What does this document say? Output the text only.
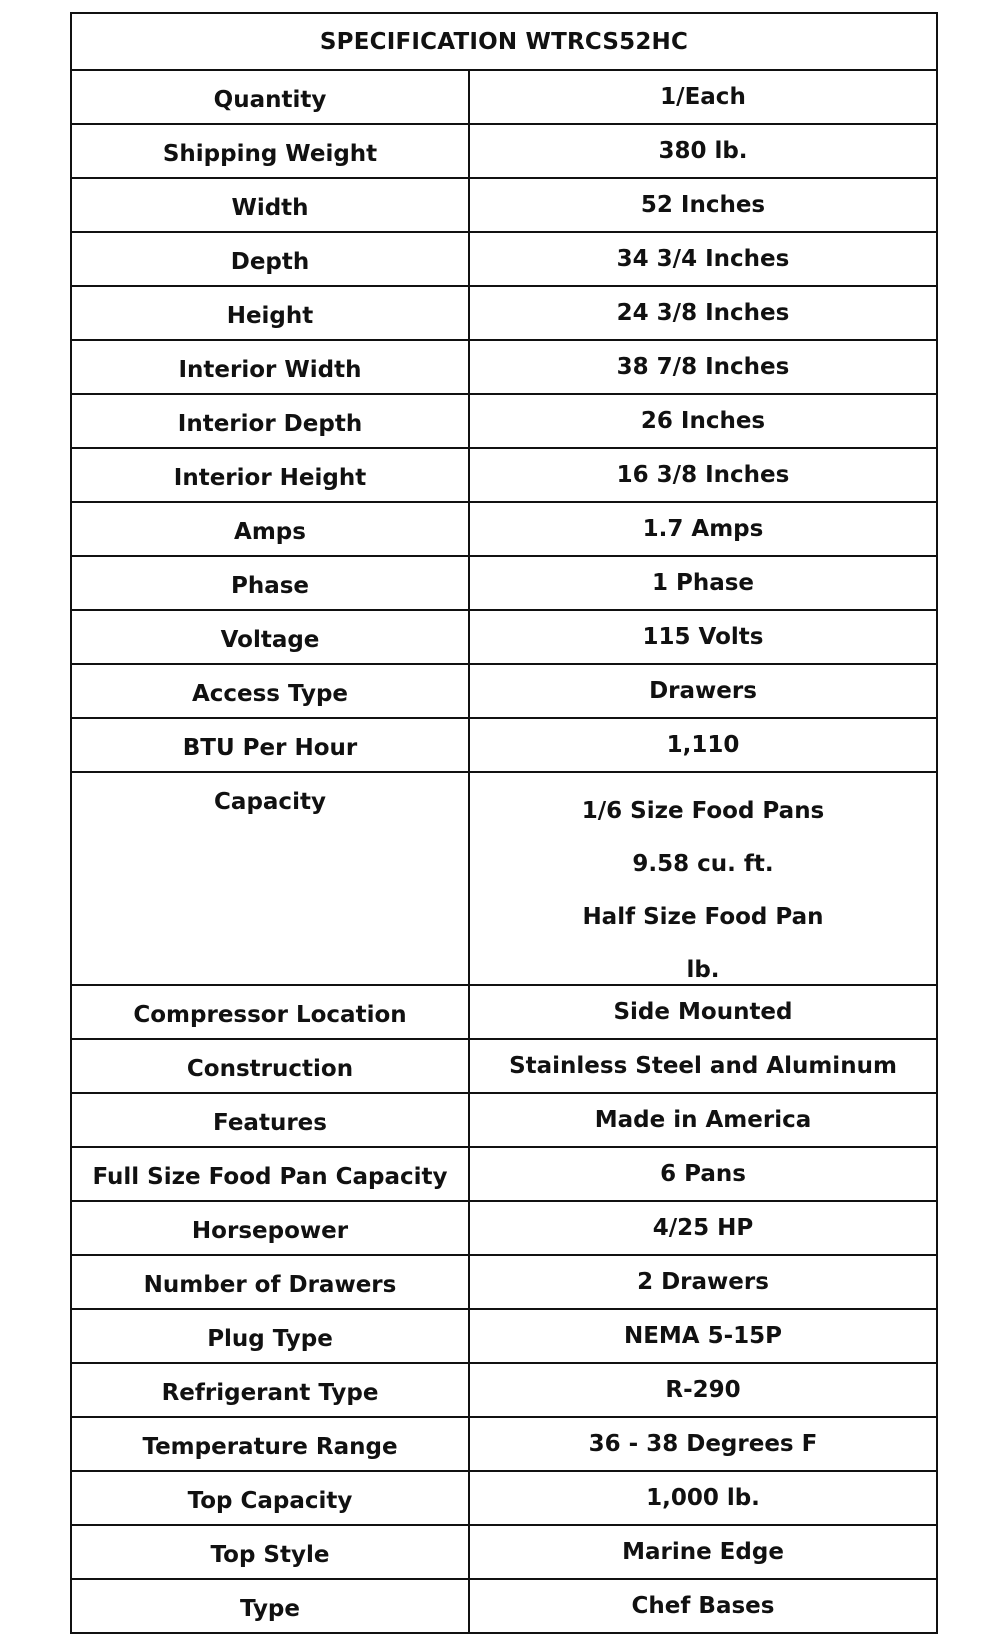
SPECIFICATION WTRCS52HC
Quantity	1/Each
Shipping Weight	380 lb.
Width	52 Inches
Depth	34 3/4 Inches
Height	24 3/8 Inches
Interior Width	38 7/8 Inches
Interior Depth	26 Inches
Interior Height	16 3/8 Inches
Amps	1.7 Amps
Phase	1 Phase
Voltage	115 Volts
Access Type	Drawers
BTU Per Hour	1,110
Capacity	1/6 Size Food Pans
9.58 cu. ft.
Half Size Food Pan
lb.
Compressor Location	Side Mounted
Construction	Stainless Steel and Aluminum
Features	Made in America
Full Size Food Pan Capacity	6 Pans
Horsepower	4/25 HP
Number of Drawers	2 Drawers
Plug Type	NEMA 5-15P
Refrigerant Type	R-290
Temperature Range	36 - 38 Degrees F
Top Capacity	1,000 lb.
Top Style	Marine Edge
Type	Chef Bases
